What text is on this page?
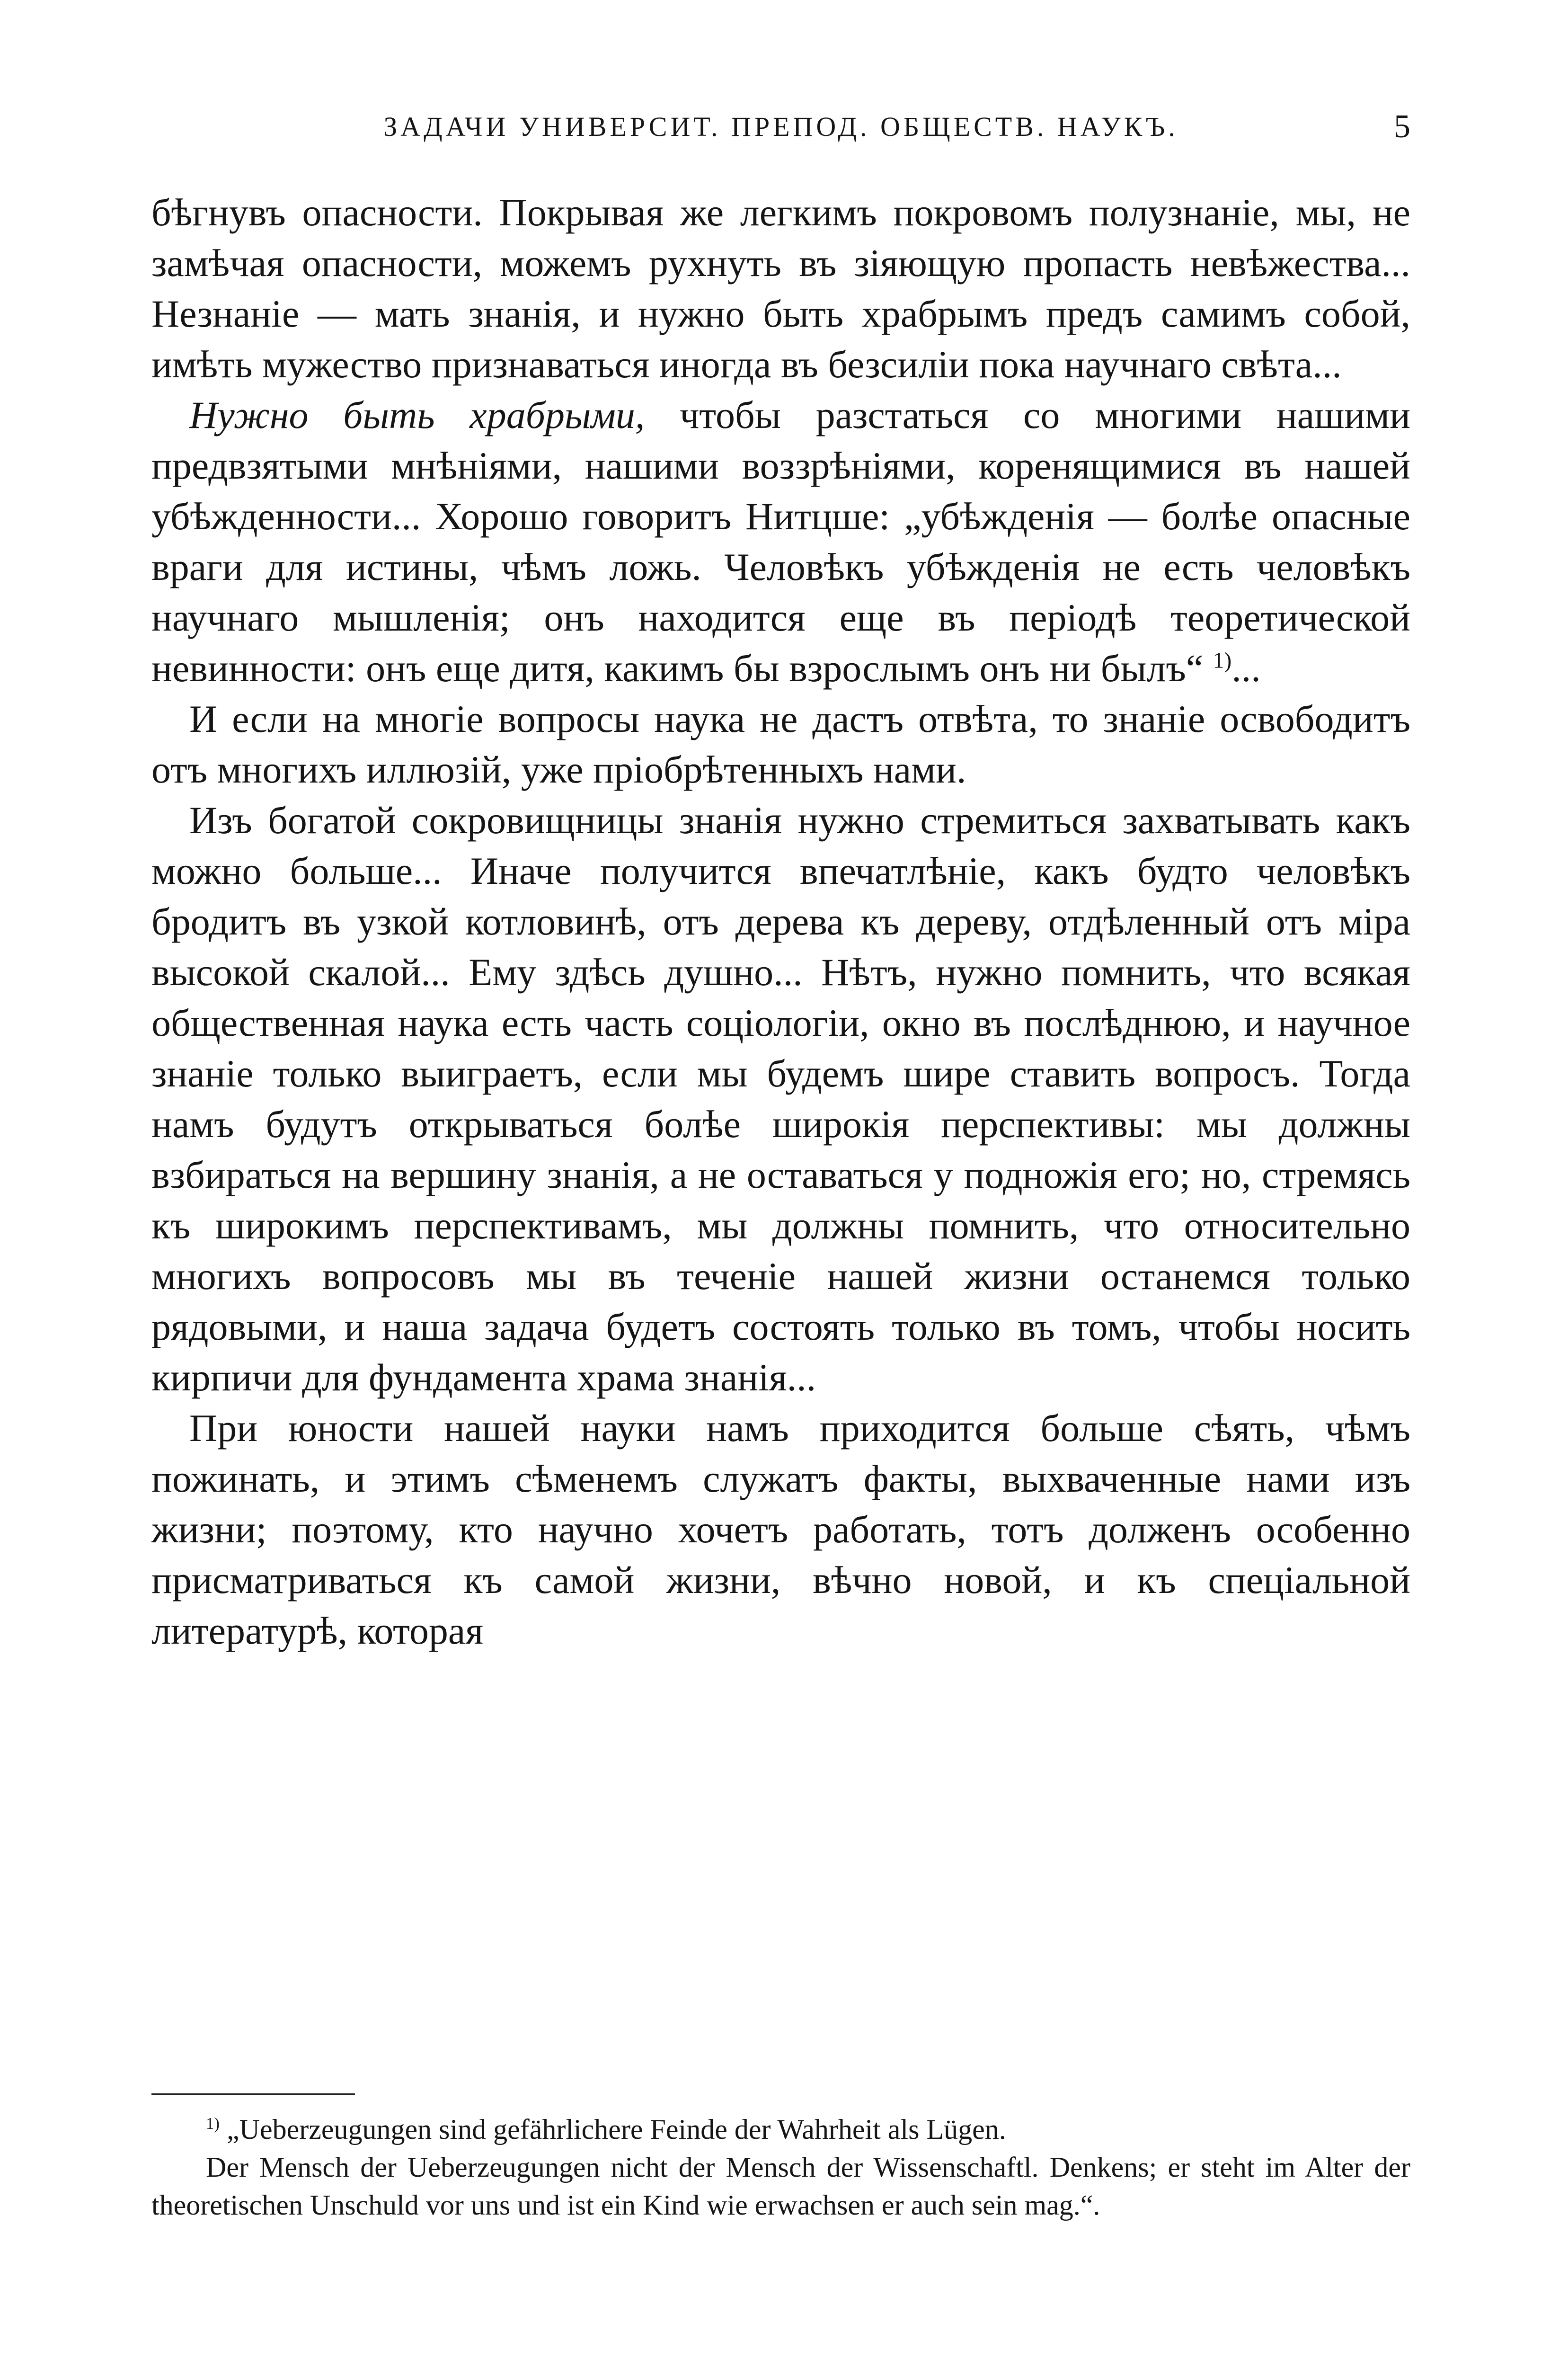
ЗАДАЧИ УНИВЕРСИТ. ПРЕПОД. ОБЩЕСТВ. НАУКЪ.	5

бѣгнувъ опасности. Покрывая же легкимъ покровомъ полузнаніе, мы, не замѣчая опасности, можемъ рухнуть въ зіяющую пропасть невѣжества... Незнаніе — мать знанія, и нужно быть храбрымъ предъ самимъ собой, имѣть мужество признаваться иногда въ безсиліи пока научнаго свѣта...

Нужно быть храбрыми, чтобы разстаться со многими нашими предвзятыми мнѣніями, нашими воззрѣніями, коренящимися въ нашей убѣжденности... Хорошо говоритъ Нитцше: „убѣжденія — болѣе опасные враги для истины, чѣмъ ложь. Человѣкъ убѣжденія не есть человѣкъ научнаго мышленія; онъ находится еще въ періодѣ теоретической невинности: онъ еще дитя, какимъ бы взрослымъ онъ ни былъ“ $^{1)}$...

И если на многіе вопросы наука не дастъ отвѣта, то знаніе освободитъ отъ многихъ иллюзій, уже пріобрѣтенныхъ нами.

Изъ богатой сокровищницы знанія нужно стремиться захватывать какъ можно больше... Иначе получится впечатлѣніе, какъ будто человѣкъ бродитъ въ узкой котловинѣ, отъ дерева къ дереву, отдѣленный отъ міра высокой скалой... Ему здѣсь душно... Нѣтъ, нужно помнить, что всякая общественная наука есть часть соціологіи, окно въ послѣднюю, и научное знаніе только выиграетъ, если мы будемъ шире ставить вопросъ. Тогда намъ будутъ открываться болѣе широкія перспективы: мы должны взбираться на вершину знанія, а не оставаться у подножія его; но, стремясь къ широкимъ перспективамъ, мы должны помнить, что относительно многихъ вопросовъ мы въ теченіе нашей жизни останемся только рядовыми, и наша задача будетъ состоять только въ томъ, чтобы носить кирпичи для фундамента храма знанія...

При юности нашей науки намъ приходится больше сѣять, чѣмъ пожинать, и этимъ сѣменемъ служатъ факты, выхваченные нами изъ жизни; поэтому, кто научно хочетъ работать, тотъ долженъ особенно присматриваться къ самой жизни, вѣчно новой, и къ спеціальной литературѣ, которая

$^{1)}$ „Ueberzeugungen sind gefährlichere Feinde der Wahrheit als Lügen.

Der Mensch der Ueberzeugungen nicht der Mensch der Wissenschaftl. Denkens; er steht im Alter der theoretischen Unschuld vor uns und ist ein Kind wie erwachsen er auch sein mag.“.
